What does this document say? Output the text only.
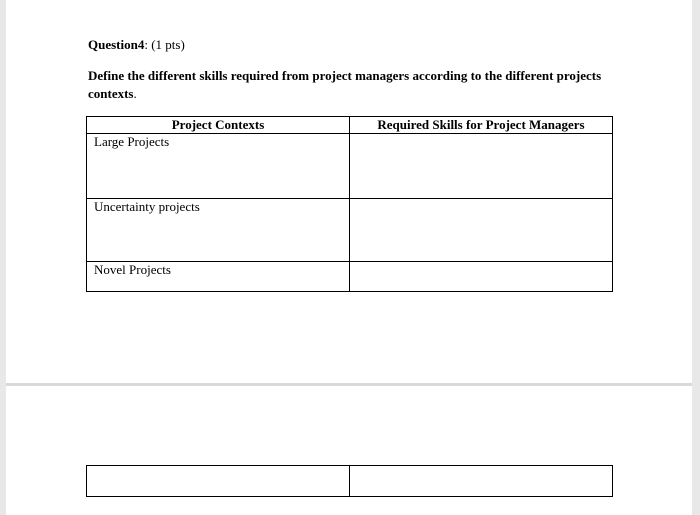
Question4: (1 pts)
Define the different skills required from project managers according to the different projects contexts.
Project Contexts	Required Skills for Project Managers
Large Projects	
Uncertainty projects	
Novel Projects	
